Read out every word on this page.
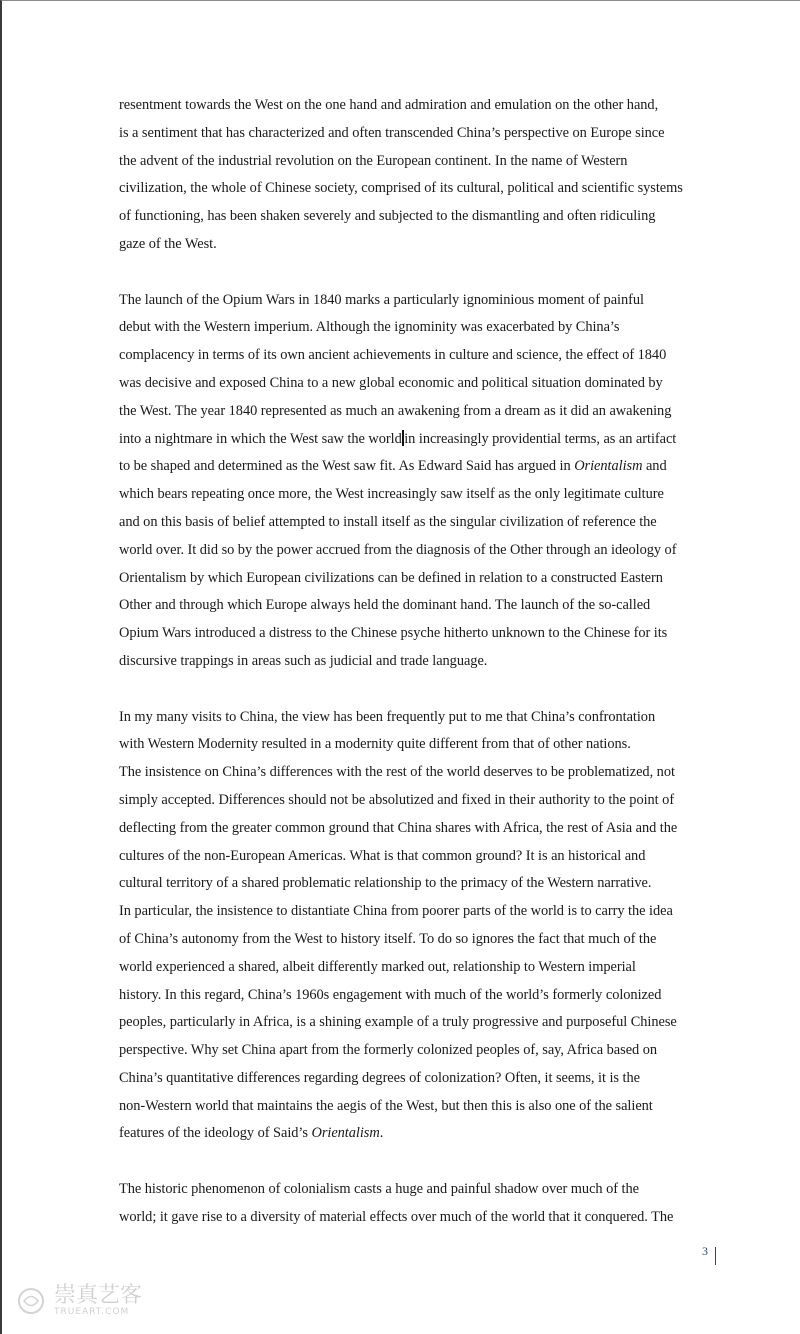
resentment towards the West on the one hand and admiration and emulation on the other hand,
is a sentiment that has characterized and often transcended China’s perspective on Europe since
the advent of the industrial revolution on the European continent. In the name of Western
civilization, the whole of Chinese society, comprised of its cultural, political and scientific systems
of functioning, has been shaken severely and subjected to the dismantling and often ridiculing
gaze of the West.

The launch of the Opium Wars in 1840 marks a particularly ignominious moment of painful
debut with the Western imperium. Although the ignominity was exacerbated by China’s
complacency in terms of its own ancient achievements in culture and science, the effect of 1840
was decisive and exposed China to a new global economic and political situation dominated by
the West. The year 1840 represented as much an awakening from a dream as it did an awakening
into a nightmare in which the West saw the world in increasingly providential terms, as an artifact
to be shaped and determined as the West saw fit. As Edward Said has argued in Orientalism and
which bears repeating once more, the West increasingly saw itself as the only legitimate culture
and on this basis of belief attempted to install itself as the singular civilization of reference the
world over. It did so by the power accrued from the diagnosis of the Other through an ideology of
Orientalism by which European civilizations can be defined in relation to a constructed Eastern
Other and through which Europe always held the dominant hand. The launch of the so-called
Opium Wars introduced a distress to the Chinese psyche hitherto unknown to the Chinese for its
discursive trappings in areas such as judicial and trade language.

In my many visits to China, the view has been frequently put to me that China’s confrontation
with Western Modernity resulted in a modernity quite different from that of other nations.
The insistence on China’s differences with the rest of the world deserves to be problematized, not
simply accepted. Differences should not be absolutized and fixed in their authority to the point of
deflecting from the greater common ground that China shares with Africa, the rest of Asia and the
cultures of the non-European Americas. What is that common ground? It is an historical and
cultural territory of a shared problematic relationship to the primacy of the Western narrative.
In particular, the insistence to distantiate China from poorer parts of the world is to carry the idea
of China’s autonomy from the West to history itself. To do so ignores the fact that much of the
world experienced a shared, albeit differently marked out, relationship to Western imperial
history. In this regard, China’s 1960s engagement with much of the world’s formerly colonized
peoples, particularly in Africa, is a shining example of a truly progressive and purposeful Chinese
perspective. Why set China apart from the formerly colonized peoples of, say, Africa based on
China’s quantitative differences regarding degrees of colonization? Often, it seems, it is the
non-Western world that maintains the aegis of the West, but then this is also one of the salient
features of the ideology of Said’s Orientalism.

The historic phenomenon of colonialism casts a huge and painful shadow over much of the
world; it gave rise to a diversity of material effects over much of the world that it conquered. The

3
崇真艺客
TRUEART.COM
